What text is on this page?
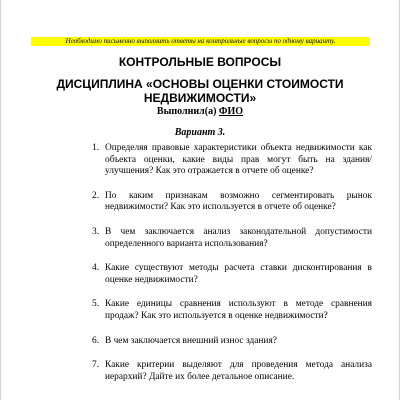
Необходимо письменно выполнить ответы на контрольные вопросы по одному варианту.
КОНТРОЛЬНЫЕ ВОПРОСЫ
ДИСЦИПЛИНА «ОСНОВЫ ОЦЕНКИ СТОИМОСТИ
НЕДВИЖИМОСТИ»
Выполнил(а) ФИО
Вариант 3.
1. Определяя правовые характеристики объекта недвижимости как объекта оценки, какие виды прав могут быть на здания/улучшения? Как это отражается в отчете об оценке?
2. По каким признакам возможно сегментировать рынок недвижимости? Как это используется в отчете об оценке?
3. В чем заключается анализ законодательной допустимости определенного варианта использования?
4. Какие существуют методы расчета ставки дисконтирования в оценке недвижимости?
5. Какие единицы сравнения используют в методе сравнения продаж? Как это используется в оценке недвижимости?
6. В чем заключается внешний износ здания?
7. Какие критерии выделяют для проведения метода анализа иерархий? Дайте их более детальное описание.
